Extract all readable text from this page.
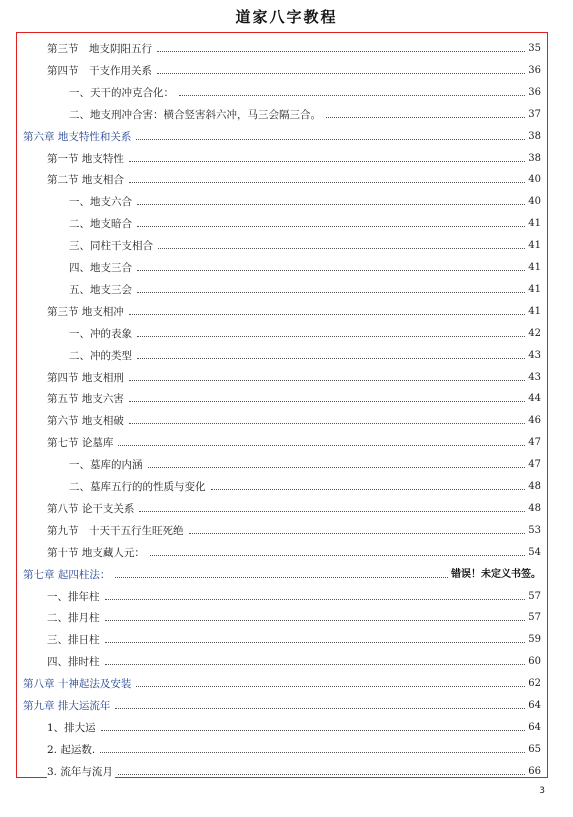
道家八字教程
第三节　地支阴阳五行	35
第四节　干支作用关系	36
一、天干的冲克合化：	36
二、地支刑冲合害：横合竖害斜六冲，马三会隔三合。	37
第六章 地支特性和关系	38
第一节 地支特性	38
第二节 地支相合	40
一、地支六合	40
二、地支暗合	41
三、同柱干支相合	41
四、地支三合	41
五、地支三会	41
第三节 地支相冲	41
一、冲的表象	42
二、冲的类型	43
第四节 地支相刑	43
第五节 地支六害	44
第六节 地支相破	46
第七节 论墓库	47
一、墓库的内涵	47
二、墓库五行的的性质与变化	48
第八节 论干支关系	48
第九节　十天干五行生旺死绝	53
第十节 地支藏人元：	54
第七章 起四柱法：	错误！未定义书签。
一、排年柱	57
二、排月柱	57
三、排日柱	59
四、排时柱	60
第八章 十神起法及安装	62
第九章 排大运流年	64
1、排大运	64
2. 起运数.	65
3. 流年与流月	66
3
